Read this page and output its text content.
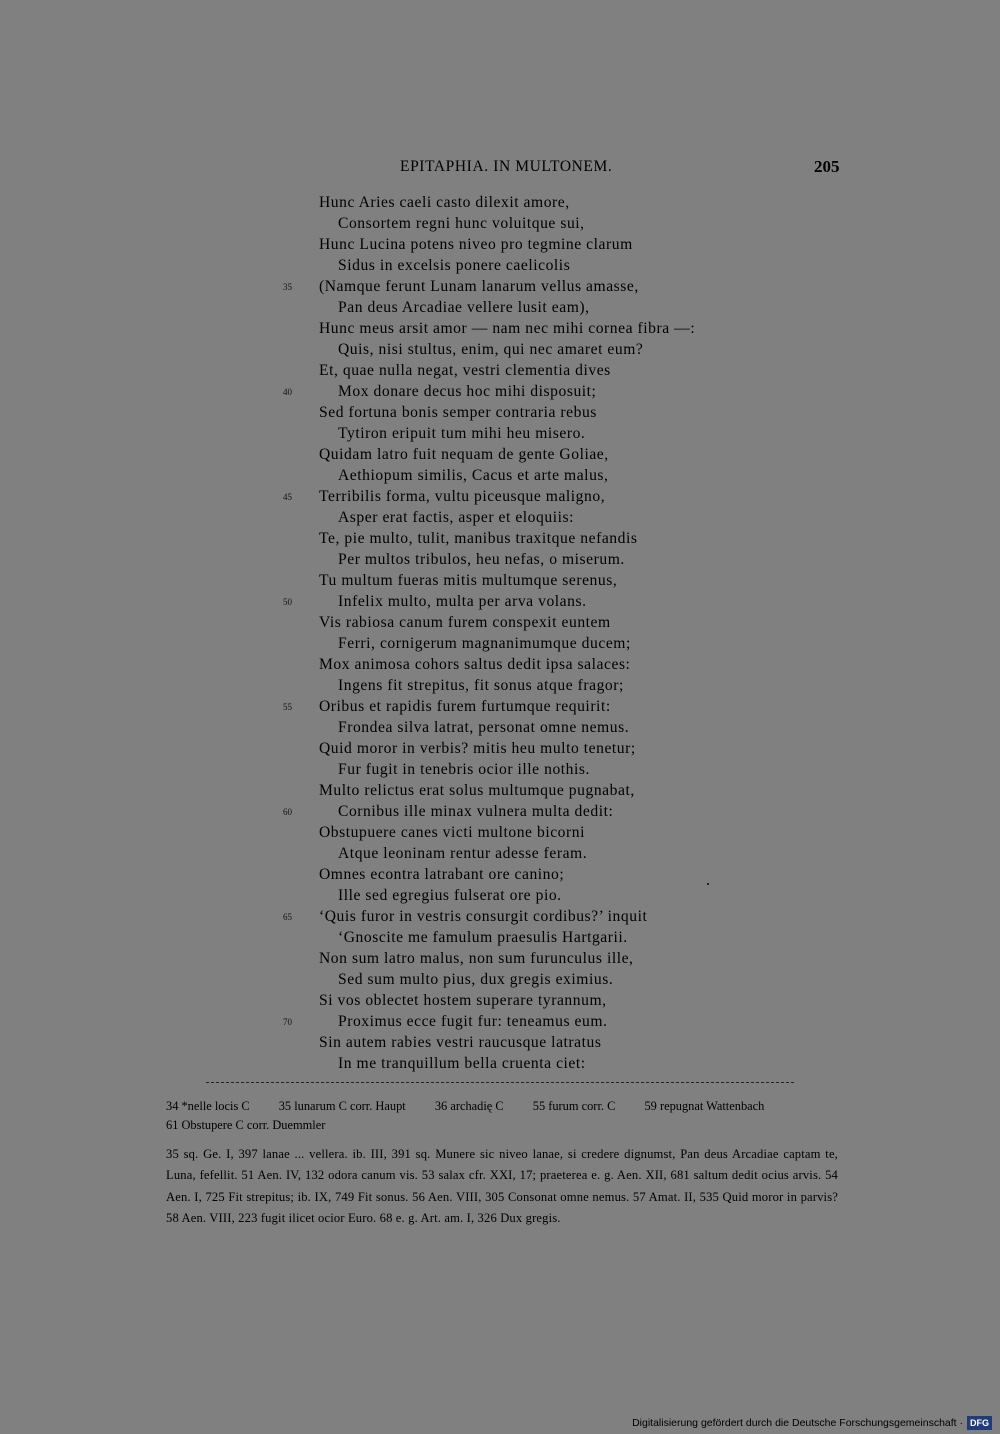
EPITAPHIA. IN MULTONEM.	205
Hunc Aries caeli casto dilexit amore,
Consortem regni hunc voluitque sui,
Hunc Lucina potens niveo pro tegmine clarum
Sidus in excelsis ponere caelicolis
35 (Namque ferunt Lunam lanarum vellus amasse,
Pan deus Arcadiae vellere lusit eam),
Hunc meus arsit amor — nam nec mihi cornea fibra —:
Quis, nisi stultus, enim, qui nec amaret eum?
Et, quae nulla negat, vestri clementia dives
40	Mox donare decus hoc mihi disposuit;
Sed fortuna bonis semper contraria rebus
Tytiron eripuit tum mihi heu misero.
Quidam latro fuit nequam de gente Goliae,
Aethiopum similis, Cacus et arte malus,
45 Terribilis forma, vultu piceusque maligno,
Asper erat factis, asper et eloquiis:
Te, pie multo, tulit, manibus traxitque nefandis
Per multos tribulos, heu nefas, o miserum.
Tu multum fueras mitis multumque serenus,
50	Infelix multo, multa per arva volans.
Vis rabiosa canum furem conspexit euntem
Ferri, cornigerum magnanimumque ducem;
Mox animosa cohors saltus dedit ipsa salaces:
Ingens fit strepitus, fit sonus atque fragor;
55 Oribus et rapidis furem furtumque requirit:
Frondea silva latrat, personat omne nemus.
Quid moror in verbis? mitis heu multo tenetur;
Fur fugit in tenebris ocior ille nothis.
Multo relictus erat solus multumque pugnabat,
60	Cornibus ille minax vulnera multa dedit:
Obstupuere canes victi multone bicorni
Atque leoninam rentur adesse feram.
Omnes econtra latrabant ore canino;
Ille sed egregius fulserat ore pio.
65 ‘Quis furor in vestris consurgit cordibus?’ inquit
‘Gnoscite me famulum praesulis Hartgarii.
Non sum latro malus, non sum furunculus ille,
Sed sum multo pius, dux gregis eximius.
Si vos oblectet hostem superare tyrannum,
70	Proximus ecce fugit fur: teneamus eum.
Sin autem rabies vestri raucusque latratus
In me tranquillum bella cruenta ciet:
34 *nelle locis C 35 lunarum C corr. Haupt 36 archadię C 55 furum corr. C 59 repugnat Wattenbach 61 Obstupere C corr. Duemmler
35 sq. Ge. I, 397 lanae ... vellera. ib. III, 391 sq. Munere sic niveo lanae, si credere dignumst, Pan deus Arcadiae captam te, Luna, fefellit. 51 Aen. IV, 132 odora canum vis. 53 salax cfr. XXI, 17; praeterea e. g. Aen. XII, 681 saltum dedit ocius arvis. 54 Aen. I, 725 Fit strepitus; ib. IX, 749 Fit sonus. 56 Aen. VIII, 305 Consonat omne nemus. 57 Amat. II, 535 Quid moror in parvis? 58 Aen. VIII, 223 fugit ilicet ocior Euro. 68 e. g. Art. am. I, 326 Dux gregis.
Digitalisierung gefördert durch die Deutsche Forschungsgemeinschaft · DFG
